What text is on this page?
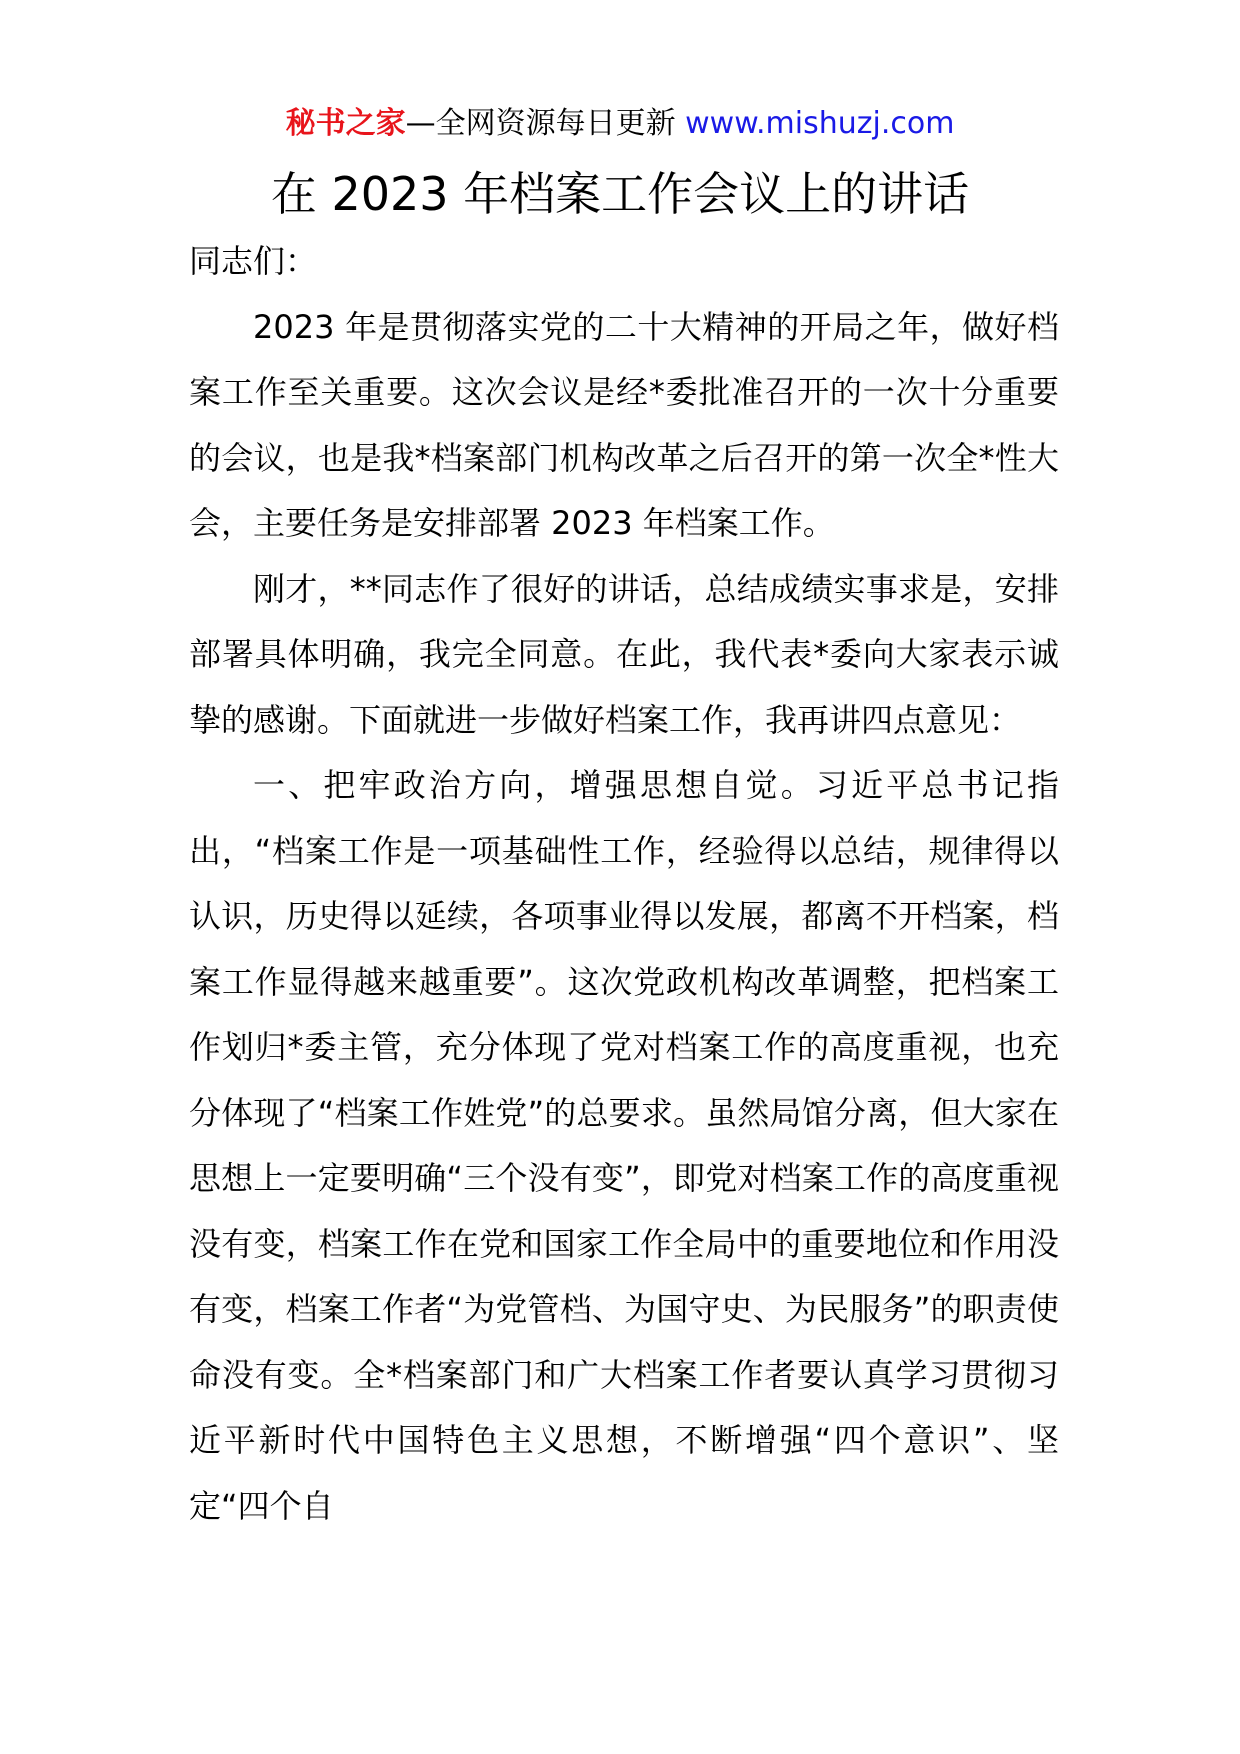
秘书之家—全网资源每日更新 www.mishuzj.com
在 2023 年档案工作会议上的讲话

同志们：

2023 年是贯彻落实党的二十大精神的开局之年，做好档案工作至关重要。这次会议是经*委批准召开的一次十分重要的会议，也是我*档案部门机构改革之后召开的第一次全*性大会，主要任务是安排部署 2023 年档案工作。

刚才，**同志作了很好的讲话，总结成绩实事求是，安排部署具体明确，我完全同意。在此，我代表*委向大家表示诚挚的感谢。下面就进一步做好档案工作，我再讲四点意见：

一、把牢政治方向，增强思想自觉。习近平总书记指出，“档案工作是一项基础性工作，经验得以总结，规律得以认识，历史得以延续，各项事业得以发展，都离不开档案，档案工作显得越来越重要”。这次党政机构改革调整，把档案工作划归*委主管，充分体现了党对档案工作的高度重视，也充分体现了“档案工作姓党”的总要求。虽然局馆分离，但大家在思想上一定要明确“三个没有变”，即党对档案工作的高度重视没有变，档案工作在党和国家工作全局中的重要地位和作用没有变，档案工作者“为党管档、为国守史、为民服务”的职责使命没有变。全*档案部门和广大档案工作者要认真学习贯彻习近平新时代中国特色主义思想，不断增强“四个意识”、坚定“四个自
